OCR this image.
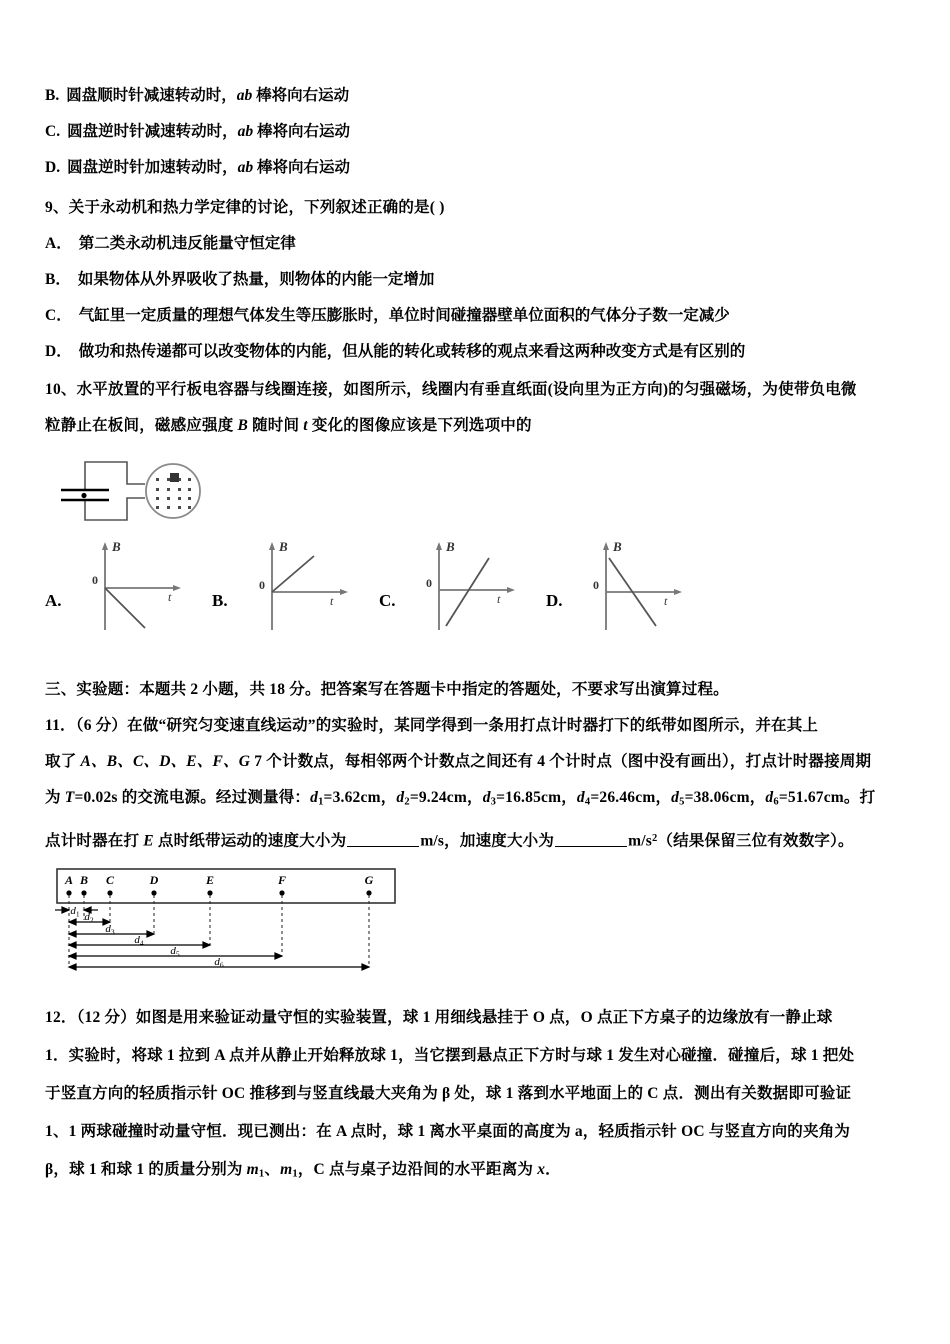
B. 圆盘顺时针减速转动时，ab 棒将向右运动
C. 圆盘逆时针减速转动时，ab 棒将向右运动
D. 圆盘逆时针加速转动时，ab 棒将向右运动
9、关于永动机和热力学定律的讨论，下列叙述正确的是( )
A． 第二类永动机违反能量守恒定律
B． 如果物体从外界吸收了热量，则物体的内能一定增加
C． 气缸里一定质量的理想气体发生等压膨胀时，单位时间碰撞器壁单位面积的气体分子数一定减少
D． 做功和热传递都可以改变物体的内能，但从能的转化或转移的观点来看这两种改变方式是有区别的
10、水平放置的平行板电容器与线圈连接，如图所示，线圈内有垂直纸面(设向里为正方向)的匀强磁场，为使带负电微
粒静止在板间，磁感应强度 B 随时间 t 变化的图像应该是下列选项中的
A.
B
0
t B.
B
0
t	C.
B
0
t	D.
B
0
t
三、实验题：本题共 2 小题，共 18 分。把答案写在答题卡中指定的答题处，不要求写出演算过程。
11．（6 分）在做“研究匀变速直线运动”的实验时，某同学得到一条用打点计时器打下的纸带如图所示，并在其上
取了 A、B、C、D、E、F、G 7 个计数点，每相邻两个计数点之间还有 4 个计时点（图中没有画出），打点计时器接周期
为 T=0.02s 的交流电源。经过测量得：$d_1=3.62cm$，$d_2=9.24cm$，$d_3=16.85cm$，$d_4=26.46cm$，$d_5=38.06cm$，$d_6=51.67cm$。打
点计时器在打 E 点时纸带运动的速度大小为	m/s，加速度大小为	$m/s^2$（结果保留三位有效数字）。
A B C	D	E	F	G
$d_1$ $d_2$
$d_3$
$d_4$
$d_5$
$d_6$
12．（12 分）如图是用来验证动量守恒的实验装置，球 1 用细线悬挂于 O 点，O 点正下方桌子的边缘放有一静止球
1．实验时，将球 1 拉到 A 点并从静止开始释放球 1，当它摆到悬点正下方时与球 1 发生对心碰撞．碰撞后，球 1 把处
于竖直方向的轻质指示针 OC 推移到与竖直线最大夹角为 β 处，球 1 落到水平地面上的 C 点．测出有关数据即可验证
1、1 两球碰撞时动量守恒．现已测出：在 A 点时，球 1 离水平桌面的高度为 a，轻质指示针 OC 与竖直方向的夹角为
β，球 1 和球 1 的质量分别为 $m_1$、$m_1$，C 点与桌子边沿间的水平距离为 x．
